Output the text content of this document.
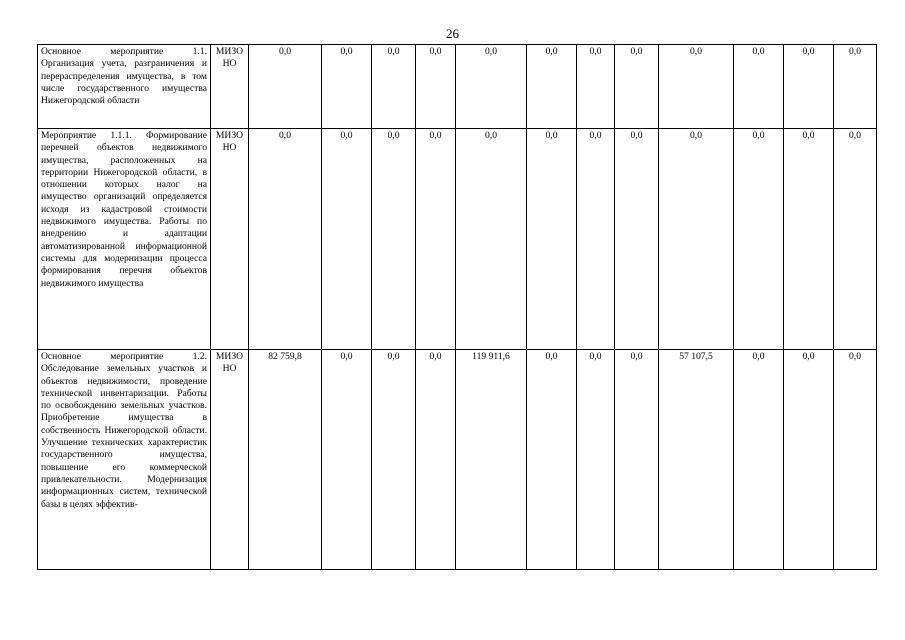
26
Основное мероприятие 1.1. Организация учета, разграничения и перераспределения имущества, в том числе государственного имущества Нижегородской области	МИЗО НО	0,0	0,0	0,0	0,0	0,0	0,0	0,0	0,0	0,0	0,0	0,0	0,0
Мероприятие 1.1.1. Формирование перечней объектов недвижимого имущества, расположенных на территории Нижегородской области, в отношении которых налог на имущество организаций определяется исходя из кадастровой стоимости недвижимого имущества. Работы по внедрению и адаптации автоматизированной информационной системы для модернизации процесса формирования перечня объектов недвижимого имущества	МИЗО НО	0,0	0,0	0,0	0,0	0,0	0,0	0,0	0,0	0,0	0,0	0,0	0,0
Основное мероприятие 1.2. Обследование земельных участков и объектов недвижимости, проведение технической инвентаризации. Работы по освобождению земельных участков. Приобретение имущества в собственность Нижегородской области. Улучшение технических характеристик государственного имущества, повышение его коммерческой привлекательности. Модернизация информационных систем, технической базы в целях эффектив-	МИЗО НО	82 759,8	0,0	0,0	0,0	119 911,6	0,0	0,0	0,0	57 107,5	0,0	0,0	0,0
